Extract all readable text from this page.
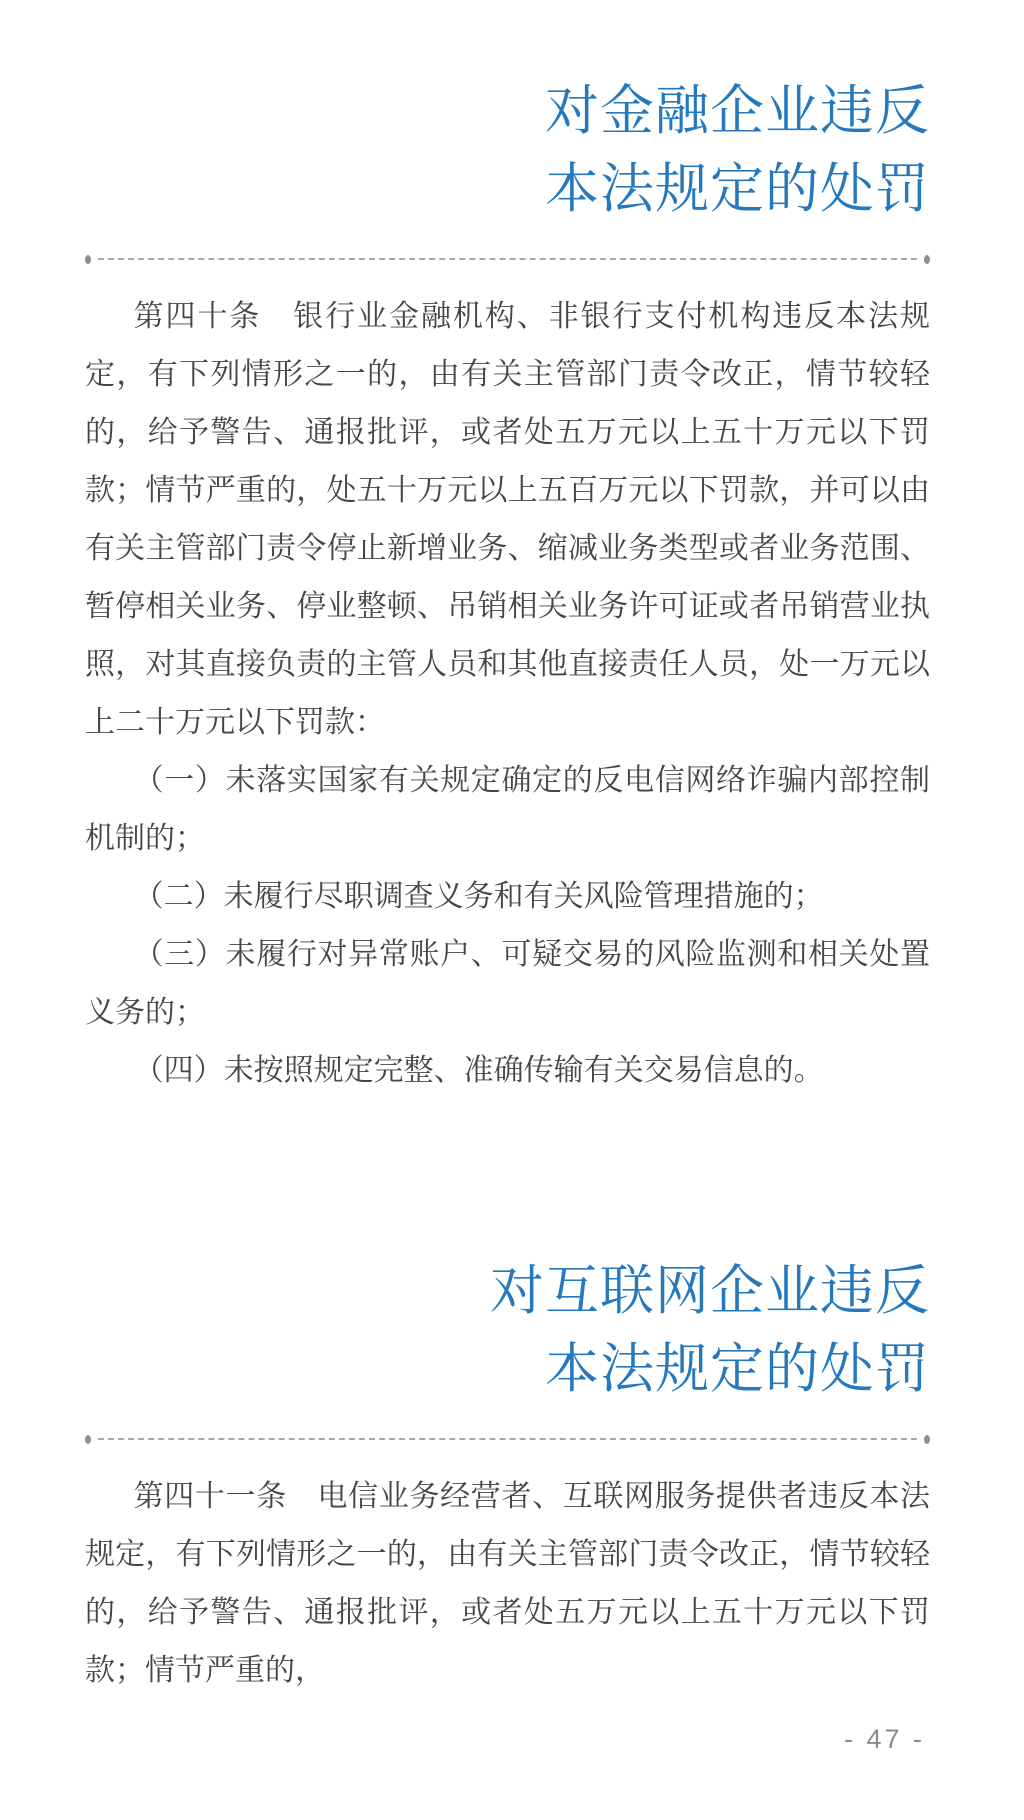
对金融企业违反
本法规定的处罚

第四十条　银行业金融机构、非银行支付机构违反本法规定，有下列情形之一的，由有关主管部门责令改正，情节较轻的，给予警告、通报批评，或者处五万元以上五十万元以下罚款；情节严重的，处五十万元以上五百万元以下罚款，并可以由有关主管部门责令停止新增业务、缩减业务类型或者业务范围、暂停相关业务、停业整顿、吊销相关业务许可证或者吊销营业执照，对其直接负责的主管人员和其他直接责任人员，处一万元以上二十万元以下罚款：

（一）未落实国家有关规定确定的反电信网络诈骗内部控制机制的；

（二）未履行尽职调查义务和有关风险管理措施的；

（三）未履行对异常账户、可疑交易的风险监测和相关处置义务的；

（四）未按照规定完整、准确传输有关交易信息的。

对互联网企业违反
本法规定的处罚

第四十一条　电信业务经营者、互联网服务提供者违反本法规定，有下列情形之一的，由有关主管部门责令改正，情节较轻的，给予警告、通报批评，或者处五万元以上五十万元以下罚款；情节严重的，

- 47 -
